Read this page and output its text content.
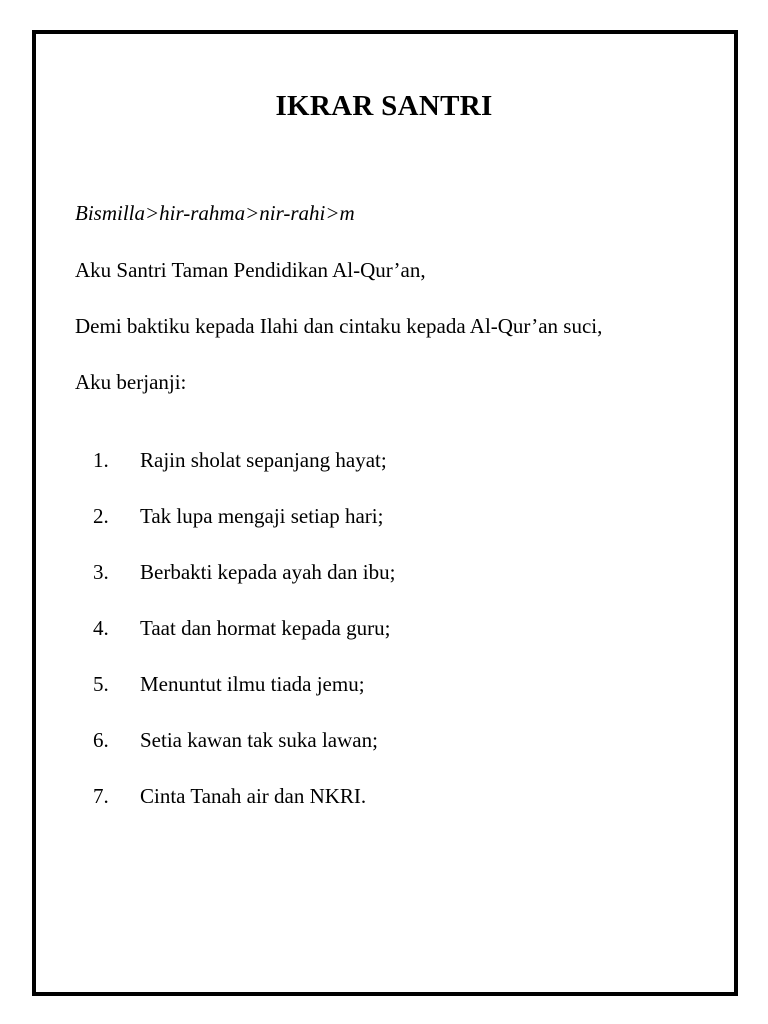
IKRAR SANTRI
Bismilla>hir-rahma>nir-rahi>m
Aku Santri Taman Pendidikan Al-Qur’an,
Demi baktiku kepada Ilahi dan cintaku kepada Al-Qur’an suci,
Aku berjanji:
1. Rajin sholat sepanjang hayat;
2. Tak lupa mengaji setiap hari;
3. Berbakti kepada ayah dan ibu;
4. Taat dan hormat kepada guru;
5. Menuntut ilmu tiada jemu;
6. Setia kawan tak suka lawan;
7. Cinta Tanah air dan NKRI.
